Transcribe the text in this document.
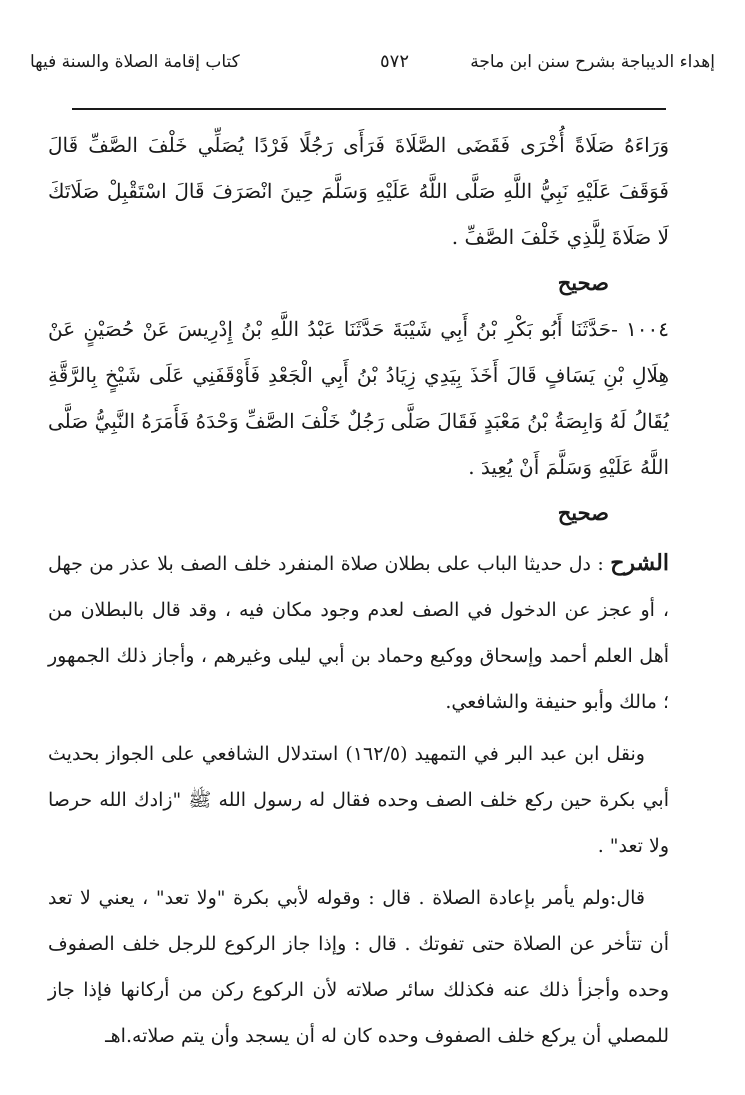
إهداء الديباجة بشرح سنن ابن ماجة
٥٧٢
كتاب إقامة الصلاة والسنة فيها

وَرَاءَهُ صَلَاةً أُخْرَى فَقَضَى الصَّلَاةَ فَرَأَى رَجُلًا فَرْدًا يُصَلِّي خَلْفَ الصَّفِّ قَالَ فَوَقَفَ عَلَيْهِ نَبِيُّ اللَّهِ صَلَّى اللَّهُ عَلَيْهِ وَسَلَّمَ حِينَ انْصَرَفَ قَالَ اسْتَقْبِلْ صَلَاتَكَ لَا صَلَاةَ لِلَّذِي خَلْفَ الصَّفِّ .

صحيح

١٠٠٤ -حَدَّثَنَا أَبُو بَكْرِ بْنُ أَبِي شَيْبَةَ حَدَّثَنَا عَبْدُ اللَّهِ بْنُ إِدْرِيسَ عَنْ حُصَيْنٍ عَنْ هِلَالِ بْنِ يَسَافٍ قَالَ أَخَذَ بِيَدِي زِيَادُ بْنُ أَبِي الْجَعْدِ فَأَوْقَفَنِي عَلَى شَيْخٍ بِالرَّقَّةِ يُقَالُ لَهُ وَابِصَةُ بْنُ مَعْبَدٍ فَقَالَ صَلَّى رَجُلٌ خَلْفَ الصَّفِّ وَحْدَهُ فَأَمَرَهُ النَّبِيُّ صَلَّى اللَّهُ عَلَيْهِ وَسَلَّمَ أَنْ يُعِيدَ .

صحيح

الشرح : دل حديثا الباب على بطلان صلاة المنفرد خلف الصف بلا عذر من جهل ، أو عجز عن الدخول في الصف لعدم وجود مكان فيه ، وقد قال بالبطلان من أهل العلم أحمد وإسحاق ووكيع وحماد بن أبي ليلى وغيرهم ، وأجاز ذلك الجمهور ؛ مالك وأبو حنيفة والشافعي.

ونقل ابن عبد البر في التمهيد (١٦٢/٥) استدلال الشافعي على الجواز بحديث أبي بكرة حين ركع خلف الصف وحده فقال له رسول الله ﷺ "زادك الله حرصا ولا تعد" .

قال:ولم يأمر بإعادة الصلاة . قال : وقوله لأبي بكرة "ولا تعد" ، يعني لا تعد أن تتأخر عن الصلاة حتى تفوتك . قال : وإذا جاز الركوع للرجل خلف الصفوف وحده وأجزأ ذلك عنه فكذلك سائر صلاته لأن الركوع ركن من أركانها فإذا جاز للمصلي أن يركع خلف الصفوف وحده كان له أن يسجد وأن يتم صلاته.اهـ
